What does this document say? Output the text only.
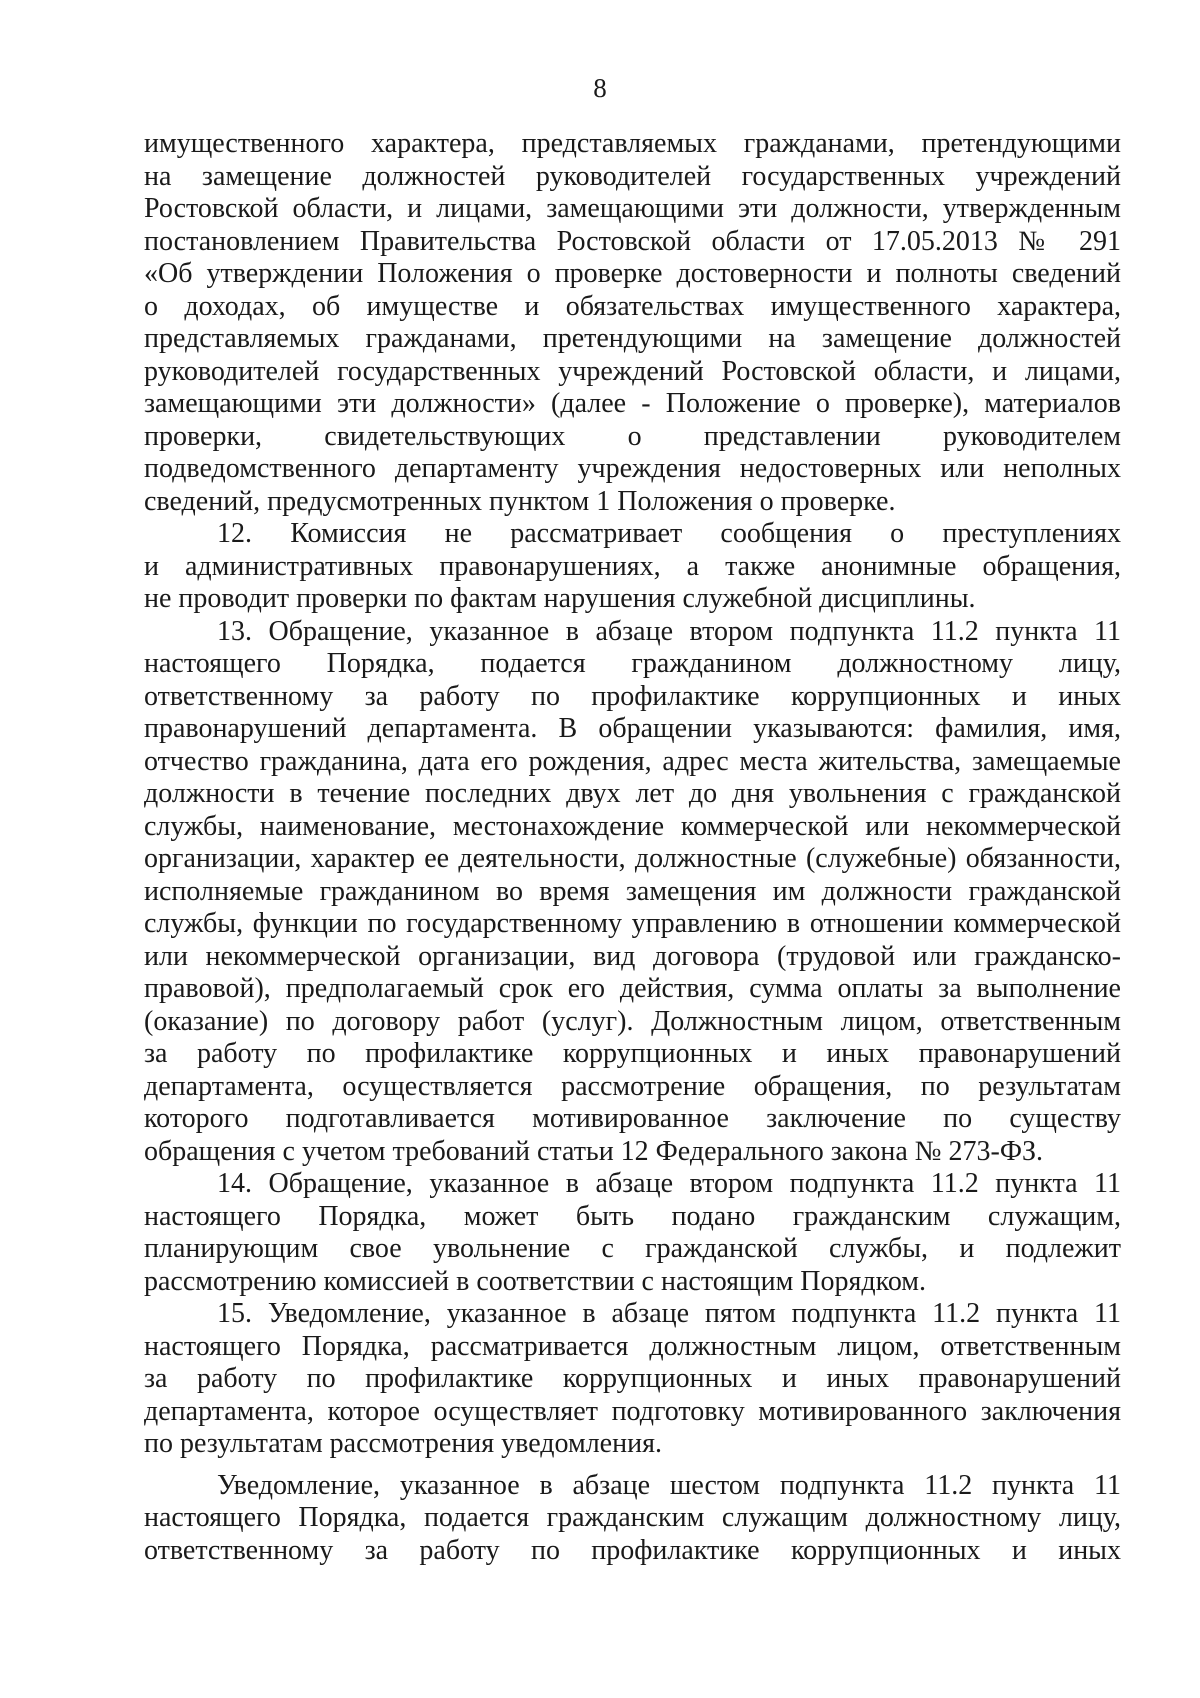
8
имущественного характера, представляемых гражданами, претендующими
на замещение должностей руководителей государственных учреждений
Ростовской области, и лицами, замещающими эти должности, утвержденным
постановлением Правительства Ростовской области от 17.05.2013 № 291
«Об утверждении Положения о проверке достоверности и полноты сведений
о доходах, об имуществе и обязательствах имущественного характера,
представляемых гражданами, претендующими на замещение должностей
руководителей государственных учреждений Ростовской области, и лицами,
замещающими эти должности» (далее - Положение о проверке), материалов
проверки, свидетельствующих о представлении руководителем
подведомственного департаменту учреждения недостоверных или неполных
сведений, предусмотренных пунктом 1 Положения о проверке.
12. Комиссия не рассматривает сообщения о преступлениях
и административных правонарушениях, а также анонимные обращения,
не проводит проверки по фактам нарушения служебной дисциплины.
13. Обращение, указанное в абзаце втором подпункта 11.2 пункта 11
настоящего Порядка, подается гражданином должностному лицу,
ответственному за работу по профилактике коррупционных и иных
правонарушений департамента. В обращении указываются: фамилия, имя,
отчество гражданина, дата его рождения, адрес места жительства, замещаемые
должности в течение последних двух лет до дня увольнения с гражданской
службы, наименование, местонахождение коммерческой или некоммерческой
организации, характер ее деятельности, должностные (служебные) обязанности,
исполняемые гражданином во время замещения им должности гражданской
службы, функции по государственному управлению в отношении коммерческой
или некоммерческой организации, вид договора (трудовой или гражданско-
правовой), предполагаемый срок его действия, сумма оплаты за выполнение
(оказание) по договору работ (услуг). Должностным лицом, ответственным
за работу по профилактике коррупционных и иных правонарушений
департамента, осуществляется рассмотрение обращения, по результатам
которого подготавливается мотивированное заключение по существу
обращения с учетом требований статьи 12 Федерального закона № 273-ФЗ.
14. Обращение, указанное в абзаце втором подпункта 11.2 пункта 11
настоящего Порядка, может быть подано гражданским служащим,
планирующим свое увольнение с гражданской службы, и подлежит
рассмотрению комиссией в соответствии с настоящим Порядком.
15. Уведомление, указанное в абзаце пятом подпункта 11.2 пункта 11
настоящего Порядка, рассматривается должностным лицом, ответственным
за работу по профилактике коррупционных и иных правонарушений
департамента, которое осуществляет подготовку мотивированного заключения
по результатам рассмотрения уведомления.
Уведомление, указанное в абзаце шестом подпункта 11.2 пункта 11
настоящего Порядка, подается гражданским служащим должностному лицу,
ответственному за работу по профилактике коррупционных и иных
